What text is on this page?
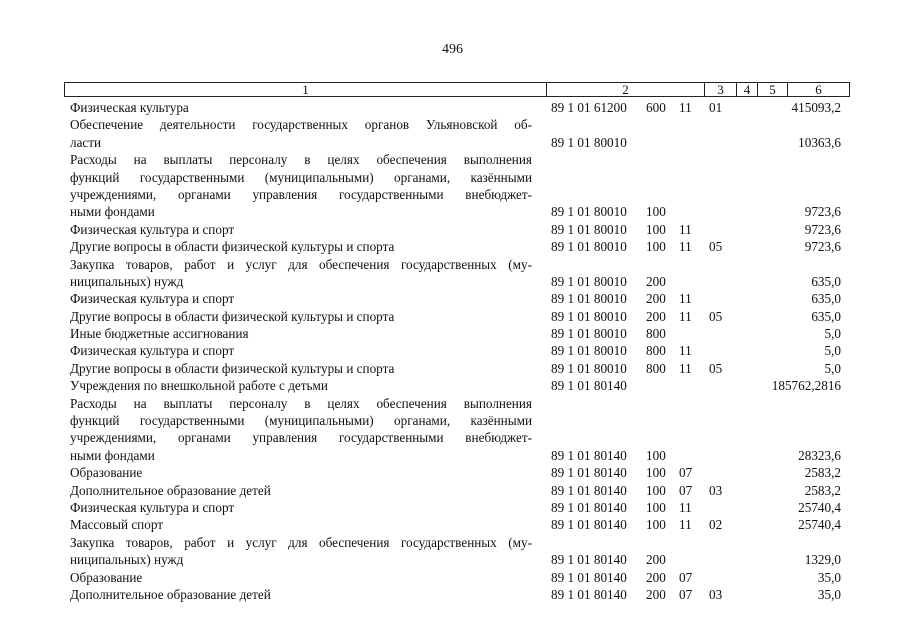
496
1	2	3	4	5	6
Физическая культура	89 1 01 61200 600 11 01	415093,2
Обеспечение деятельности государственных органов Ульяновской об-
ласти	89 1 01 80010	10363,6
Расходы на выплаты персоналу в целях обеспечения выполнения
функций государственными (муниципальными) органами, казёнными
учреждениями, органами управления государственными внебюджет-
ными фондами	89 1 01 80010 100	9723,6
Физическая культура и спорт	89 1 01 80010 100 11	9723,6
Другие вопросы в области физической культуры и спорта	89 1 01 80010 100 11 05	9723,6
Закупка товаров, работ и услуг для обеспечения государственных (му-
ниципальных) нужд	89 1 01 80010 200	635,0
Физическая культура и спорт	89 1 01 80010 200 11	635,0
Другие вопросы в области физической культуры и спорта	89 1 01 80010 200 11 05	635,0
Иные бюджетные ассигнования	89 1 01 80010 800	5,0
Физическая культура и спорт	89 1 01 80010 800 11	5,0
Другие вопросы в области физической культуры и спорта	89 1 01 80010 800 11 05	5,0
Учреждения по внешкольной работе с детьми	89 1 01 80140	185762,2816
Расходы на выплаты персоналу в целях обеспечения выполнения
функций государственными (муниципальными) органами, казёнными
учреждениями, органами управления государственными внебюджет-
ными фондами	89 1 01 80140 100	28323,6
Образование	89 1 01 80140 100 07	2583,2
Дополнительное образование детей	89 1 01 80140 100 07 03	2583,2
Физическая культура и спорт	89 1 01 80140 100 11	25740,4
Массовый спорт	89 1 01 80140 100 11 02	25740,4
Закупка товаров, работ и услуг для обеспечения государственных (му-
ниципальных) нужд	89 1 01 80140 200	1329,0
Образование	89 1 01 80140 200 07	35,0
Дополнительное образование детей	89 1 01 80140 200 07 03	35,0
